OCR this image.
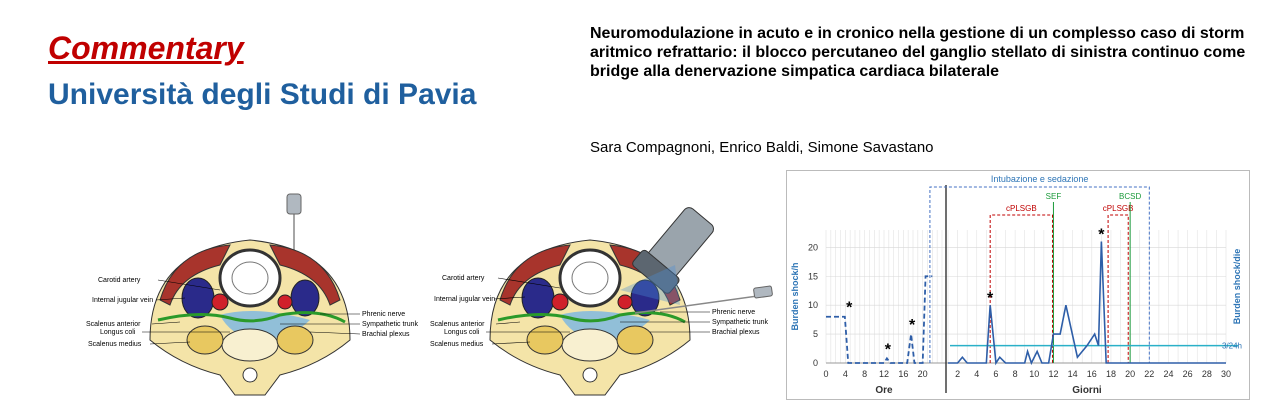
Commentary
Università degli Studi di Pavia
Neuromodulazione in acuto e in cronico nella gestione di un complesso caso di storm aritmico refrattario: il blocco percutaneo del ganglio stellato di sinistra continuo come bridge alla denervazione simpatica cardiaca bilaterale
Sara Compagnoni, Enrico Baldi, Simone Savastano
Carotid artery
Internal jugular vein
Scalenus anterior
Longus coli
Scalenus medius
Phrenic nerve
Sympathetic trunk
Brachial plexus
Carotid artery
Internal jugular vein
Scalenus anterior
Longus coli
Scalenus medius
Phrenic nerve
Sympathetic trunk
Brachial plexus
0
5
10
15
20
0 4 8 12 16 20	2 4 6 8 10 12 14 16 18 20 22 24 26 28 30
Ore	Giorni
Burden shock/h	Burden shock/die
Intubazione e sedazione
cPLSGB	cPLSGB
SEF	BCSD
3/24h
*
*
*
*
*
